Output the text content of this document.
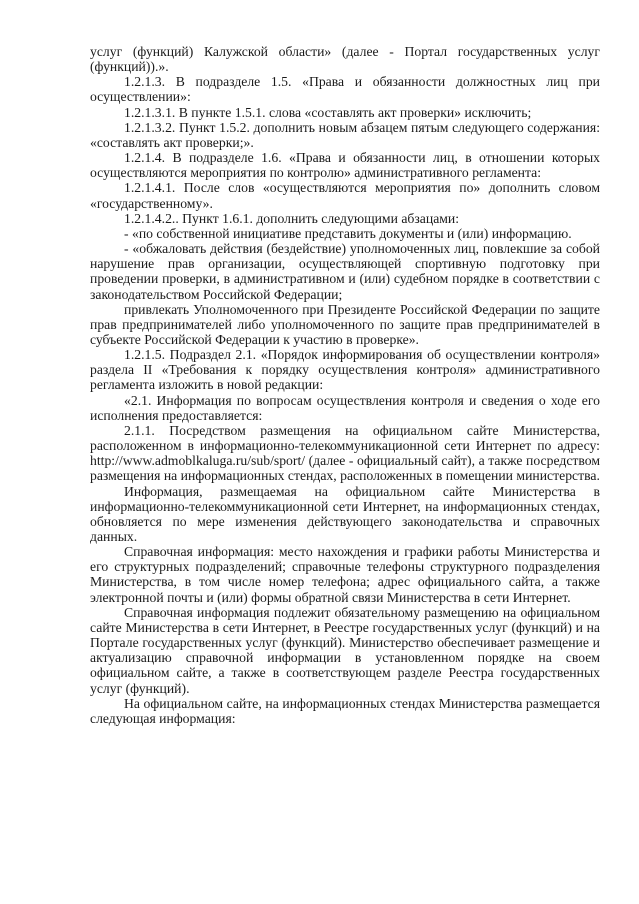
услуг (функций) Калужской области» (далее - Портал государственных услуг (функций)).».

1.2.1.3. В подразделе 1.5. «Права и обязанности должностных лиц при осуществлении»:

1.2.1.3.1. В пункте 1.5.1. слова «составлять акт проверки» исключить;

1.2.1.3.2. Пункт 1.5.2. дополнить новым абзацем пятым следующего содержания: «составлять акт проверки;».

1.2.1.4. В подразделе 1.6. «Права и обязанности лиц, в отношении которых осуществляются мероприятия по контролю» административного регламента:

1.2.1.4.1. После слов «осуществляются мероприятия по» дополнить словом «государственному».

1.2.1.4.2.. Пункт 1.6.1. дополнить следующими абзацами:

- «по собственной инициативе представить документы и (или) информацию.

- «обжаловать действия (бездействие) уполномоченных лиц, повлекшие за собой нарушение прав организации, осуществляющей спортивную подготовку при проведении проверки, в административном и (или) судебном порядке в соответствии с законодательством Российской Федерации;

привлекать Уполномоченного при Президенте Российской Федерации по защите прав предпринимателей либо уполномоченного по защите прав предпринимателей в субъекте Российской Федерации к участию в проверке».

1.2.1.5. Подраздел 2.1. «Порядок информирования об осуществлении контроля» раздела II «Требования к порядку осуществления контроля» административного регламента изложить в новой редакции:

«2.1. Информация по вопросам осуществления контроля и сведения о ходе его исполнения предоставляется:

2.1.1. Посредством размещения на официальном сайте Министерства, расположенном в информационно-телекоммуникационной сети Интернет по адресу: http://www.admoblkaluga.ru/sub/sport/ (далее - официальный сайт), а также посредством размещения на информационных стендах, расположенных в помещении министерства.

Информация, размещаемая на официальном сайте Министерства в информационно-телекоммуникационной сети Интернет, на информационных стендах, обновляется по мере изменения действующего законодательства и справочных данных.

Справочная информация: место нахождения и графики работы Министерства и его структурных подразделений; справочные телефоны структурного подразделения Министерства, в том числе номер телефона; адрес официального сайта, а также электронной почты и (или) формы обратной связи Министерства в сети Интернет.

Справочная информация подлежит обязательному размещению на официальном сайте Министерства в сети Интернет, в Реестре государственных услуг (функций) и на Портале государственных услуг (функций). Министерство обеспечивает размещение и актуализацию справочной информации в установленном порядке на своем официальном сайте, а также в соответствующем разделе Реестра государственных услуг (функций).

На официальном сайте, на информационных стендах Министерства размещается следующая информация:
